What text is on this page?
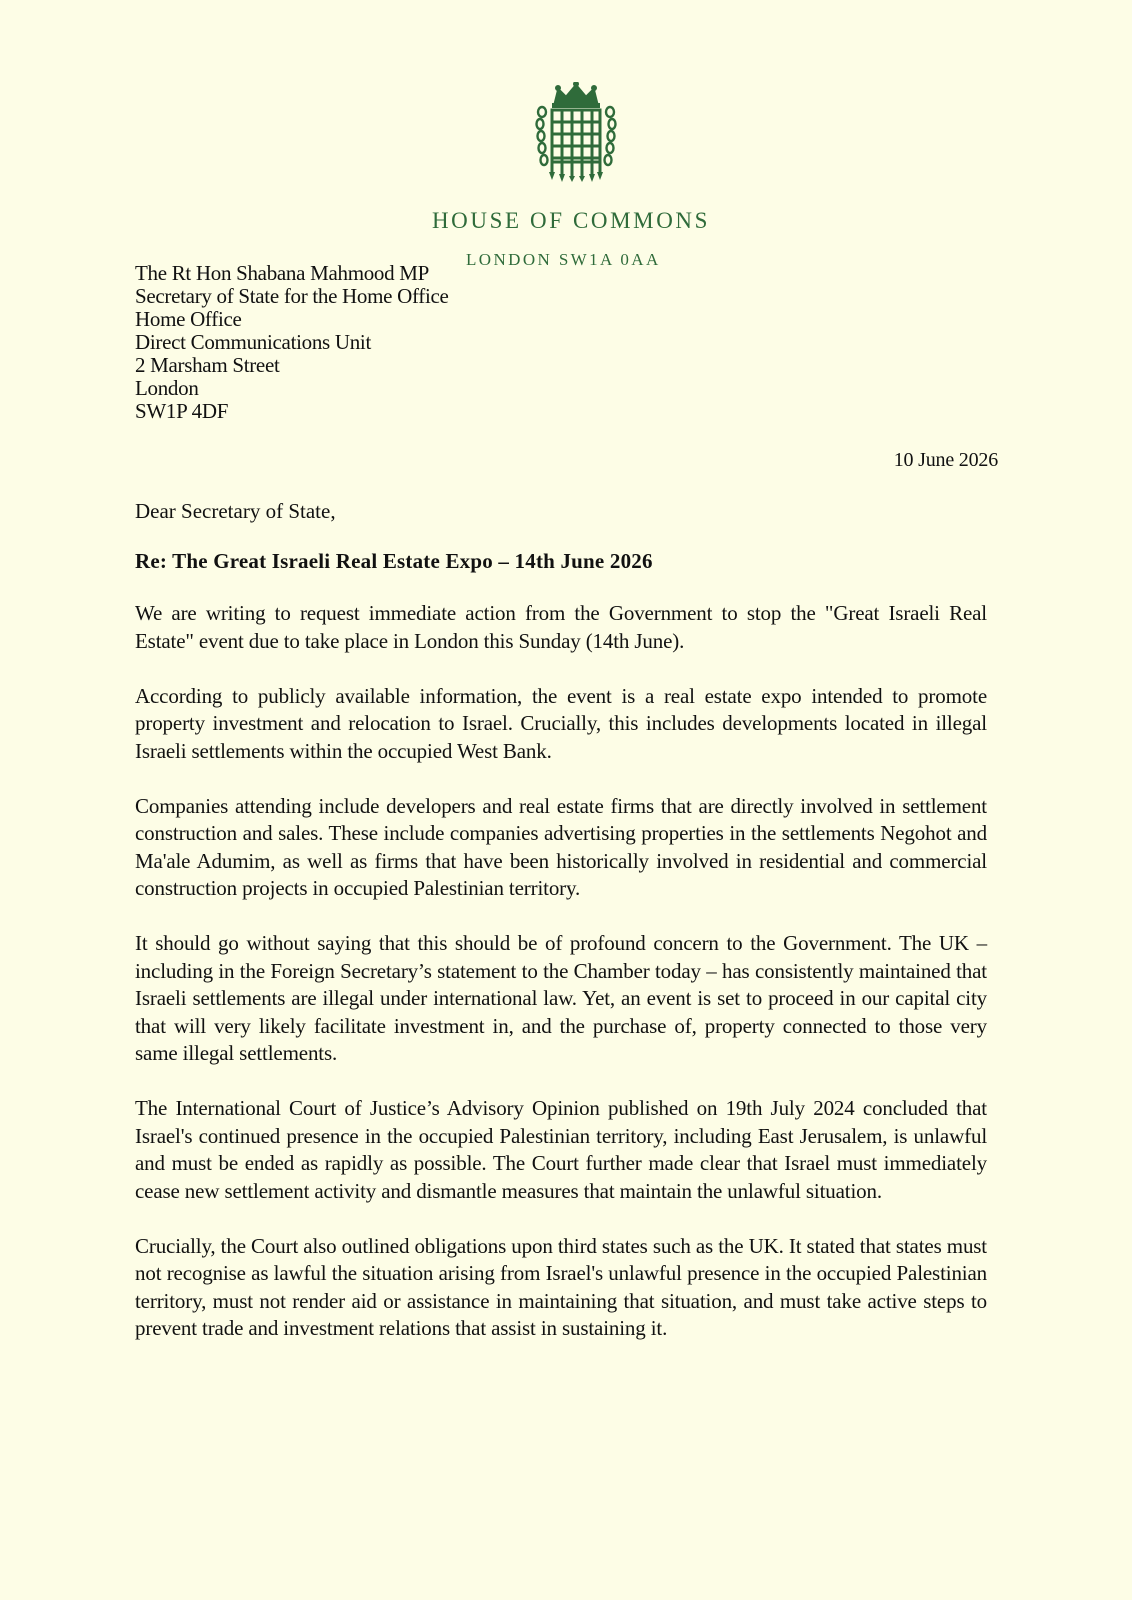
HOUSE OF COMMONS
LONDON SW1A 0AA
The Rt Hon Shabana Mahmood MP
Secretary of State for the Home Office
Home Office
Direct Communications Unit
2 Marsham Street
London
SW1P 4DF
10 June 2026
Dear Secretary of State,
Re: The Great Israeli Real Estate Expo – 14th June 2026

We are writing to request immediate action from the Government to stop the "Great Israeli Real Estate" event due to take place in London this Sunday (14th June).

According to publicly available information, the event is a real estate expo intended to promote property investment and relocation to Israel. Crucially, this includes developments located in illegal Israeli settlements within the occupied West Bank.

Companies attending include developers and real estate firms that are directly involved in settlement construction and sales. These include companies advertising properties in the settlements Negohot and Ma'ale Adumim, as well as firms that have been historically involved in residential and commercial construction projects in occupied Palestinian territory.

It should go without saying that this should be of profound concern to the Government. The UK – including in the Foreign Secretary’s statement to the Chamber today – has consistently maintained that Israeli settlements are illegal under international law. Yet, an event is set to proceed in our capital city that will very likely facilitate investment in, and the purchase of, property connected to those very same illegal settlements.

The International Court of Justice’s Advisory Opinion published on 19th July 2024 concluded that Israel's continued presence in the occupied Palestinian territory, including East Jerusalem, is unlawful and must be ended as rapidly as possible. The Court further made clear that Israel must immediately cease new settlement activity and dismantle measures that maintain the unlawful situation.

Crucially, the Court also outlined obligations upon third states such as the UK. It stated that states must not recognise as lawful the situation arising from Israel's unlawful presence in the occupied Palestinian territory, must not render aid or assistance in maintaining that situation, and must take active steps to prevent trade and investment relations that assist in sustaining it.
